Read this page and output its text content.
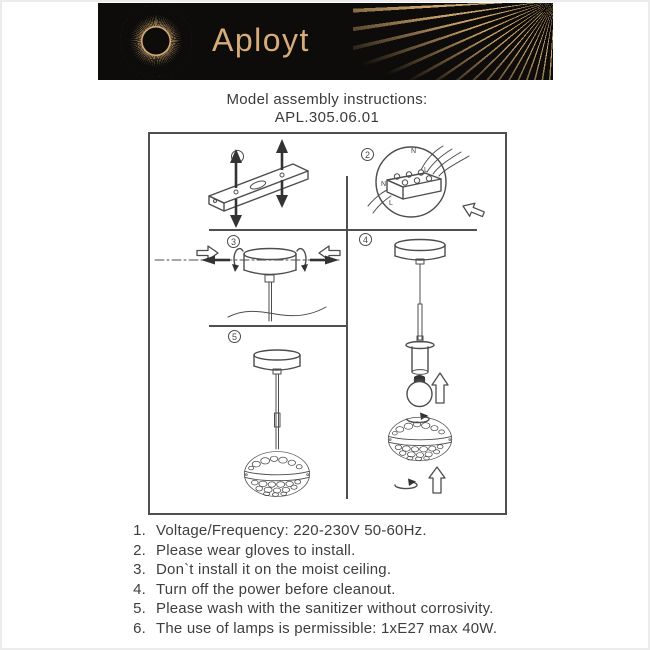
Aployt
Model assembly instructions:
APL.305.06.01
2
3	4
5
N
L
N
L
1. Voltage/Frequency: 220-230V 50-60Hz.
2. Please wear gloves to install.
3. Don`t install it on the moist ceiling.
4. Turn off the power before cleanout.
5. Please wash with the sanitizer without corrosivity.
6. The use of lamps is permissible: 1xE27 max 40W.
